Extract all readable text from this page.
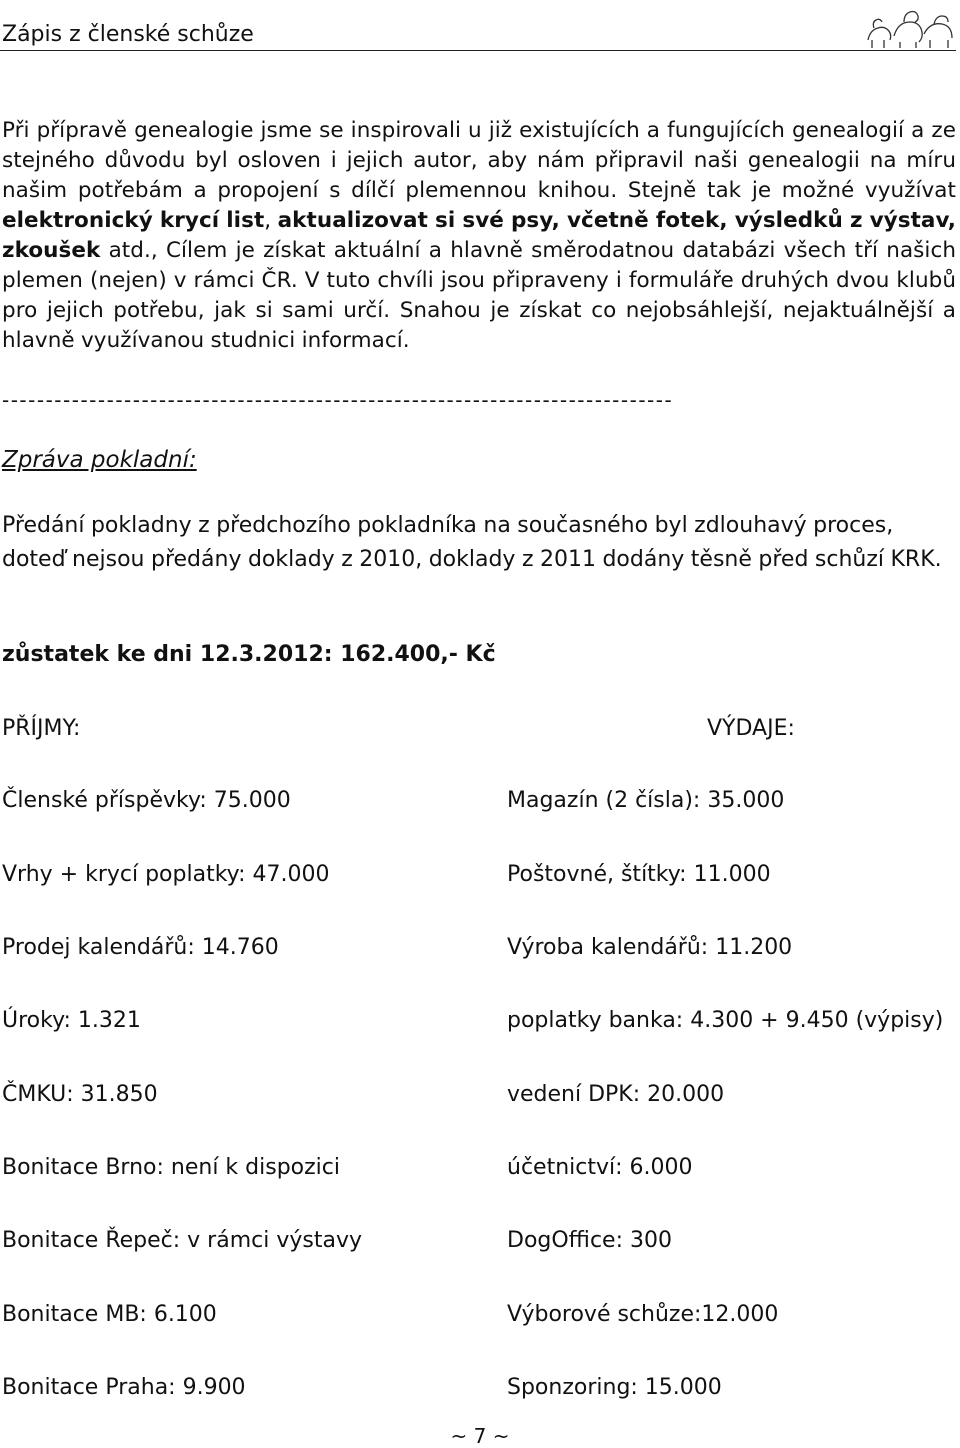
Zápis z členské schůze
Při přípravě genealogie jsme se inspirovali u již existujících a fungujících genealogií a ze stejného důvodu byl osloven i jejich autor, aby nám připravil naši genealogii na míru našim potřebám a propojení s dílčí plemennou knihou. Stejně tak je možné využívat elektronický krycí list, aktualizovat si své psy, včetně fotek, výsledků z výstav, zkoušek atd., Cílem je získat aktuální a hlavně směrodatnou databázi všech tří našich plemen (nejen) v rámci ČR. V tuto chvíli jsou připraveny i formuláře druhých dvou klubů pro jejich potřebu, jak si sami určí. Snahou je získat co nejobsáhlejší, nejaktuálnější a hlavně využívanou studnici informací.
-----------------------------------------------------------------------------
Zpráva pokladní:
Předání pokladny z předchozího pokladníka na současného byl zdlouhavý proces, doteď nejsou předány doklady z 2010, doklady z 2011 dodány těsně před schůzí KRK.
zůstatek ke dni 12.3.2012: 162.400,- Kč
PŘÍJMY:	VÝDAJE:
Členské příspěvky: 75.000
Vrhy + krycí poplatky: 47.000
Prodej kalendářů: 14.760
Úroky: 1.321
ČMKU: 31.850
Bonitace Brno: není k dispozici
Bonitace Řepeč: v rámci výstavy
Bonitace MB: 6.100
Bonitace Praha: 9.900
Magazín (2 čísla): 35.000
Poštovné, štítky: 11.000
Výroba kalendářů: 11.200
poplatky banka: 4.300 + 9.450 (výpisy)
vedení DPK: 20.000
účetnictví: 6.000
DogOffice: 300
Výborové schůze:12.000
Sponzoring: 15.000
~ 7 ~
